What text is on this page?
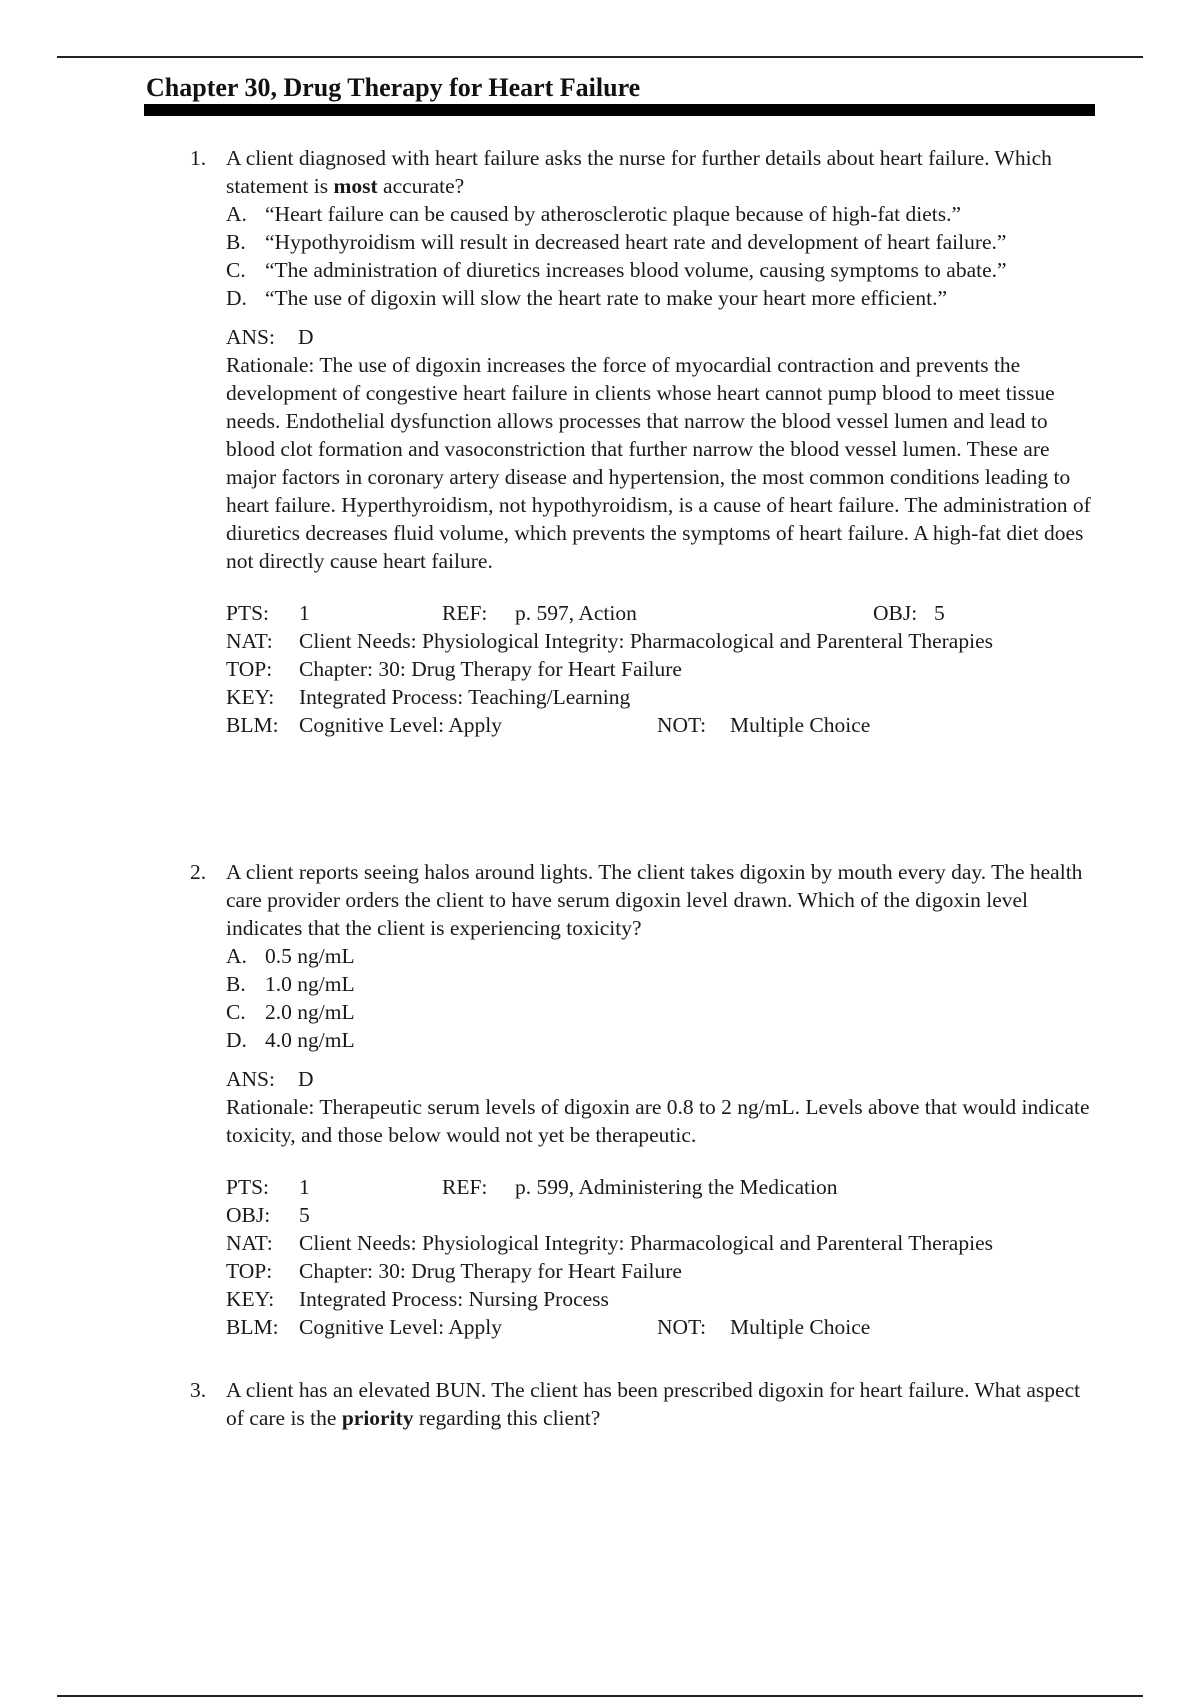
Chapter 30, Drug Therapy for Heart Failure
1. A client diagnosed with heart failure asks the nurse for further details about heart failure. Which statement is most accurate?
A. “Heart failure can be caused by atherosclerotic plaque because of high-fat diets.”
B. “Hypothyroidism will result in decreased heart rate and development of heart failure.”
C. “The administration of diuretics increases blood volume, causing symptoms to abate.”
D. “The use of digoxin will slow the heart rate to make your heart more efficient.”
ANS: D
Rationale: The use of digoxin increases the force of myocardial contraction and prevents the development of congestive heart failure in clients whose heart cannot pump blood to meet tissue needs. Endothelial dysfunction allows processes that narrow the blood vessel lumen and lead to blood clot formation and vasoconstriction that further narrow the blood vessel lumen. These are major factors in coronary artery disease and hypertension, the most common conditions leading to heart failure. Hyperthyroidism, not hypothyroidism, is a cause of heart failure. The administration of diuretics decreases fluid volume, which prevents the symptoms of heart failure. A high-fat diet does not directly cause heart failure.
PTS: 1	REF: p. 597, Action	OBJ: 5
NAT: Client Needs: Physiological Integrity: Pharmacological and Parenteral Therapies
TOP: Chapter: 30: Drug Therapy for Heart Failure
KEY: Integrated Process: Teaching/Learning
BLM: Cognitive Level: Apply	NOT: Multiple Choice
2. A client reports seeing halos around lights. The client takes digoxin by mouth every day. The health care provider orders the client to have serum digoxin level drawn. Which of the digoxin level indicates that the client is experiencing toxicity?
A. 0.5 ng/mL
B. 1.0 ng/mL
C. 2.0 ng/mL
D. 4.0 ng/mL
ANS: D
Rationale: Therapeutic serum levels of digoxin are 0.8 to 2 ng/mL. Levels above that would indicate toxicity, and those below would not yet be therapeutic.
PTS: 1	REF: p. 599, Administering the Medication
OBJ: 5
NAT: Client Needs: Physiological Integrity: Pharmacological and Parenteral Therapies
TOP: Chapter: 30: Drug Therapy for Heart Failure
KEY: Integrated Process: Nursing Process
BLM: Cognitive Level: Apply	NOT: Multiple Choice
3. A client has an elevated BUN. The client has been prescribed digoxin for heart failure. What aspect of care is the priority regarding this client?
